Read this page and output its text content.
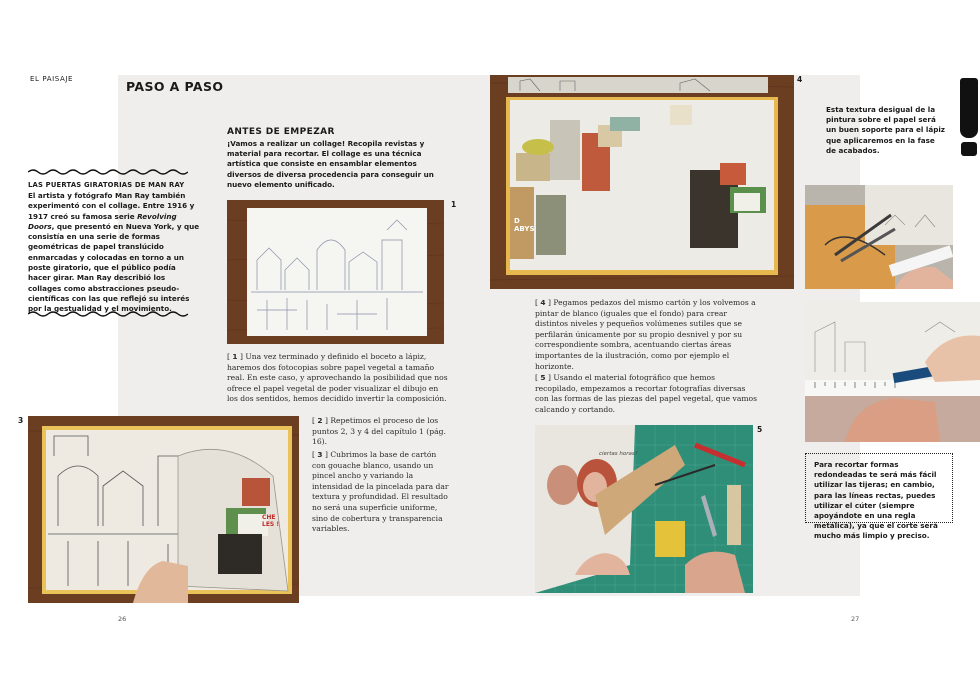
EL PAISAJE	PASO A PASO
ANTES DE EMPEZAR
¡Vamos a realizar un collage! Recopila revistas y material para recortar. El collage es una técnica artística que consiste en ensamblar elementos diversos de diversa procedencia para conseguir un nuevo elemento unificado.
LAS PUERTAS GIRATORIAS DE MAN RAY
El artista y fotógrafo Man Ray también experimentó con el collage. Entre 1916 y 1917 creó su famosa serie Revolving Doors, que presentó en Nueva York, y que consistía en una serie de formas geométricas de papel translúcido enmarcadas y colocadas en torno a un poste giratorio, que el público podía hacer girar. Man Ray describió los collages como abstracciones pseudo-científicas con las que reflejó su interés por la gestualidad y el movimiento.
1
[ 1 ] Una vez terminado y definido el boceto a lápiz, haremos dos fotocopias sobre papel vegetal a tamaño real. En este caso, y aprovechando la posibilidad que nos ofrece el papel vegetal de poder visualizar el dibujo en los dos sentidos, hemos decidido invertir la composición.
3
CHE LES !
[ 2 ] Repetimos el proceso de los puntos 2, 3 y 4 del capítulo 1 (pág. 16).
[ 3 ] Cubrimos la base de cartón con gouache blanco, usando un pincel ancho y variando la intensidad de la pincelada para dar textura y profundidad. El resultado no será una superficie uniforme, sino de cobertura y transparencia variables.
26
D ABYS
4
[ 4 ] Pegamos pedazos del mismo cartón y los volvemos a pintar de blanco (iguales que el fondo) para crear distintos niveles y pequeños volúmenes sutiles que se perfilarán únicamente por su propio desnivel y por su correspondiente sombra, acentuando ciertas áreas importantes de la ilustración, como por ejemplo el horizonte.
[ 5 ] Usando el material fotográfico que hemos recopilado, empezamos a recortar fotografías diversas con las formas de las piezas del papel vegetal, que vamos calcando y cortando.
ciertas horas?
5
Esta textura desigual de la pintura sobre el papel será un buen soporte para el lápiz que aplicaremos en la fase de acabados.
Para recortar formas redondeadas te será más fácil utilizar las tijeras; en cambio, para las líneas rectas, puedes utilizar el cúter (siempre apoyándote en una regla metálica), ya que el corte será mucho más limpio y preciso.
27
